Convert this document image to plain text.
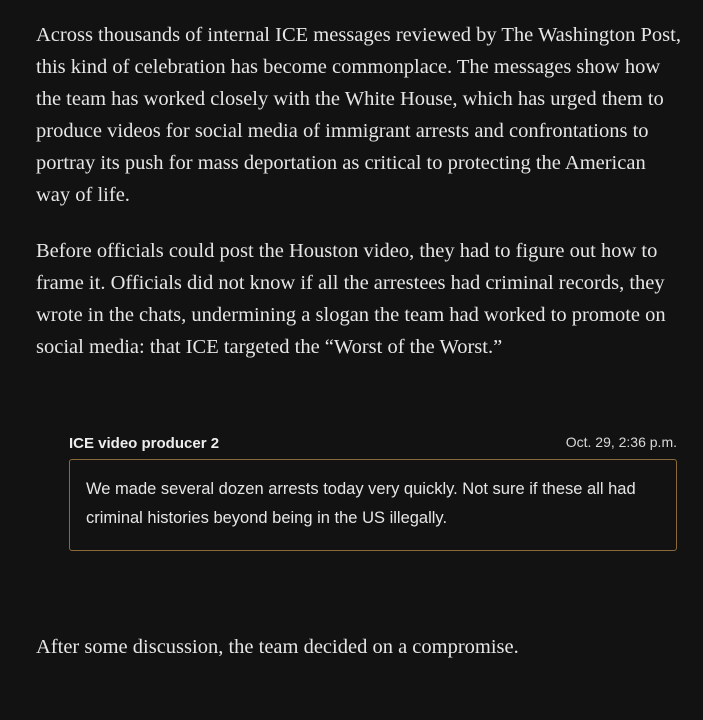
Across thousands of internal ICE messages reviewed by The Washington Post, this kind of celebration has become commonplace. The messages show how the team has worked closely with the White House, which has urged them to produce videos for social media of immigrant arrests and confrontations to portray its push for mass deportation as critical to protecting the American way of life.

Before officials could post the Houston video, they had to figure out how to frame it. Officials did not know if all the arrestees had criminal records, they wrote in the chats, undermining a slogan the team had worked to promote on social media: that ICE targeted the “Worst of the Worst.”

ICE video producer 2	Oct. 29, 2:36 p.m.
We made several dozen arrests today very quickly. Not sure if these all had criminal histories beyond being in the US illegally.

After some discussion, the team decided on a compromise.
